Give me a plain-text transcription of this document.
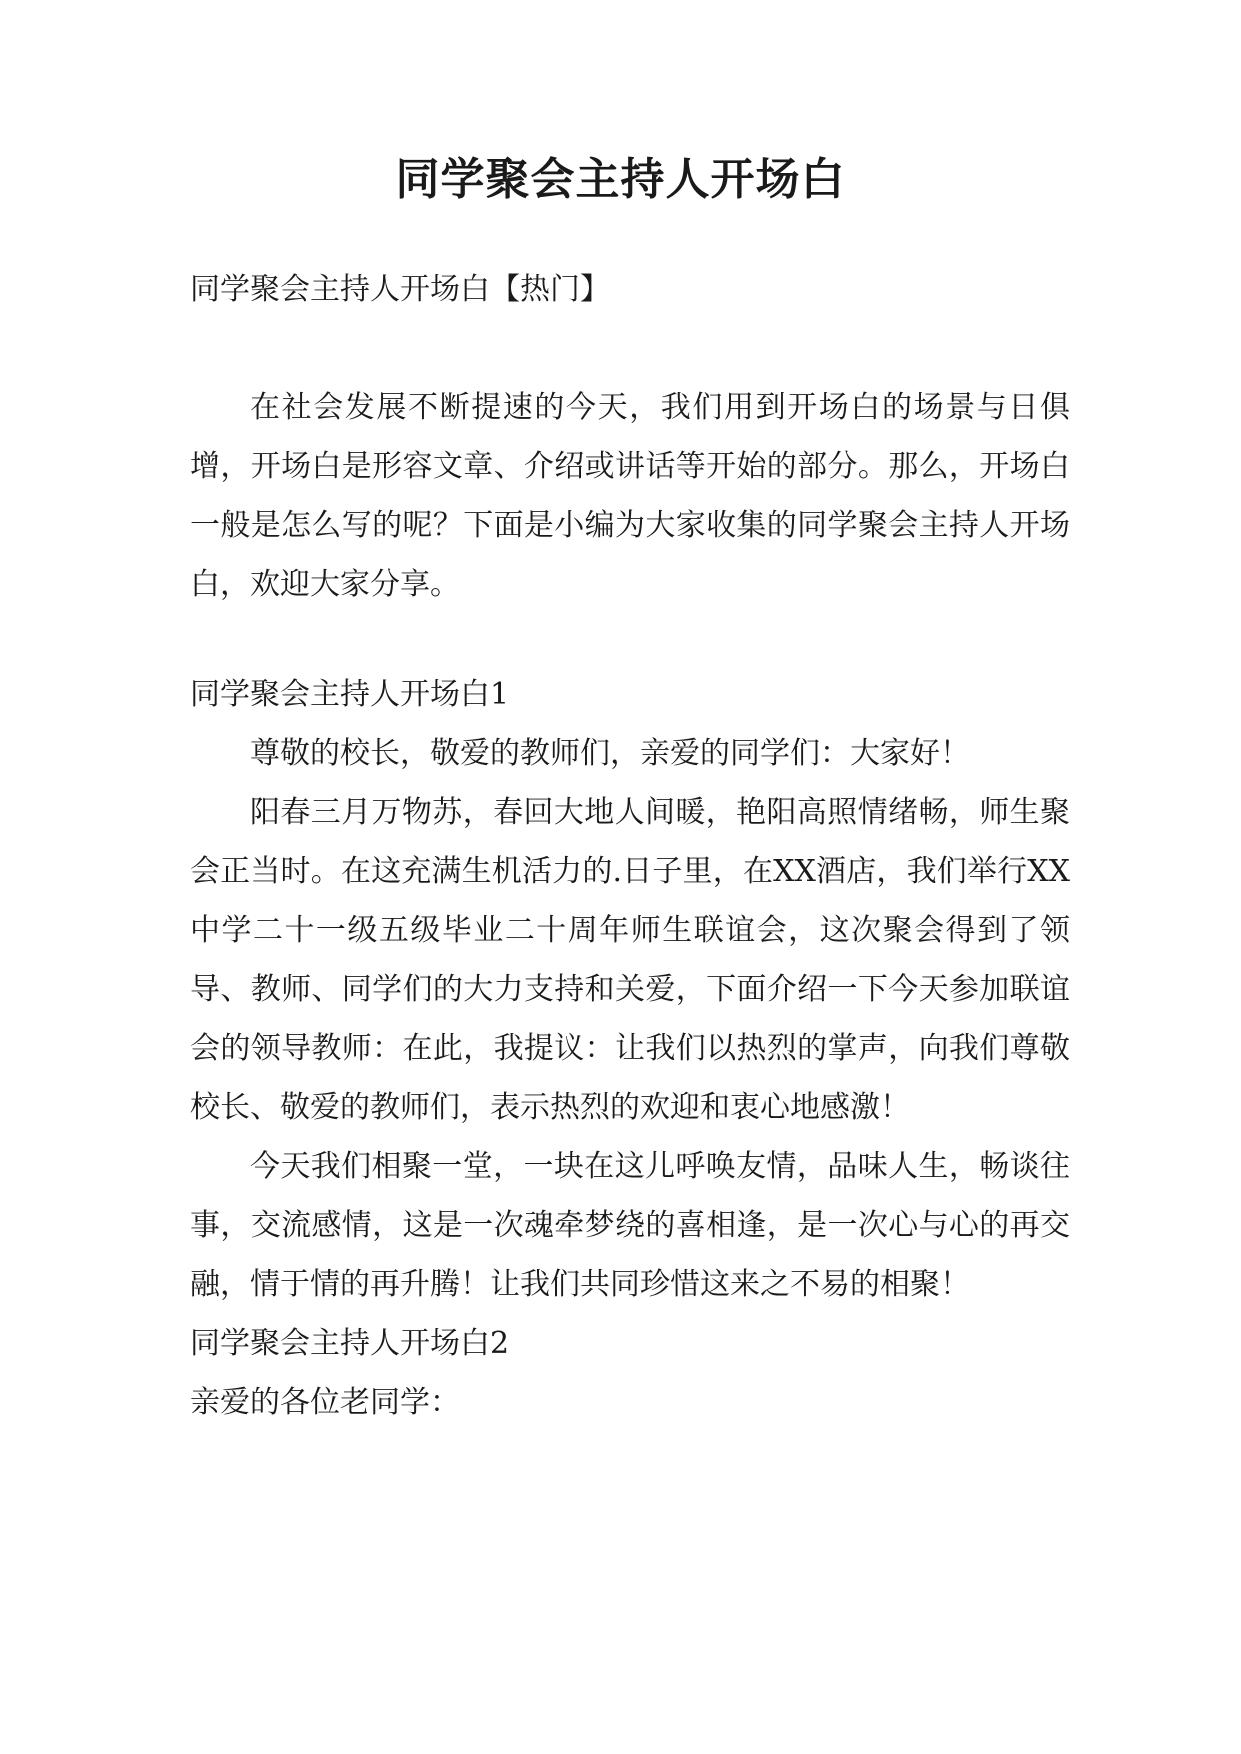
同学聚会主持人开场白

同学聚会主持人开场白【热门】

在社会发展不断提速的今天，我们用到开场白的场景与日俱增，开场白是形容文章、介绍或讲话等开始的部分。那么，开场白一般是怎么写的呢？下面是小编为大家收集的同学聚会主持人开场白，欢迎大家分享。

同学聚会主持人开场白1

尊敬的校长，敬爱的教师们，亲爱的同学们：大家好！

阳春三月万物苏，春回大地人间暖，艳阳高照情绪畅，师生聚会正当时。在这充满生机活力的.日子里，在XX酒店，我们举行XX中学二十一级五级毕业二十周年师生联谊会，这次聚会得到了领导、教师、同学们的大力支持和关爱，下面介绍一下今天参加联谊会的领导教师：在此，我提议：让我们以热烈的掌声，向我们尊敬校长、敬爱的教师们，表示热烈的欢迎和衷心地感激！

今天我们相聚一堂，一块在这儿呼唤友情，品味人生，畅谈往事，交流感情，这是一次魂牵梦绕的喜相逢，是一次心与心的再交融，情于情的再升腾！让我们共同珍惜这来之不易的相聚！

同学聚会主持人开场白2

亲爱的各位老同学：
